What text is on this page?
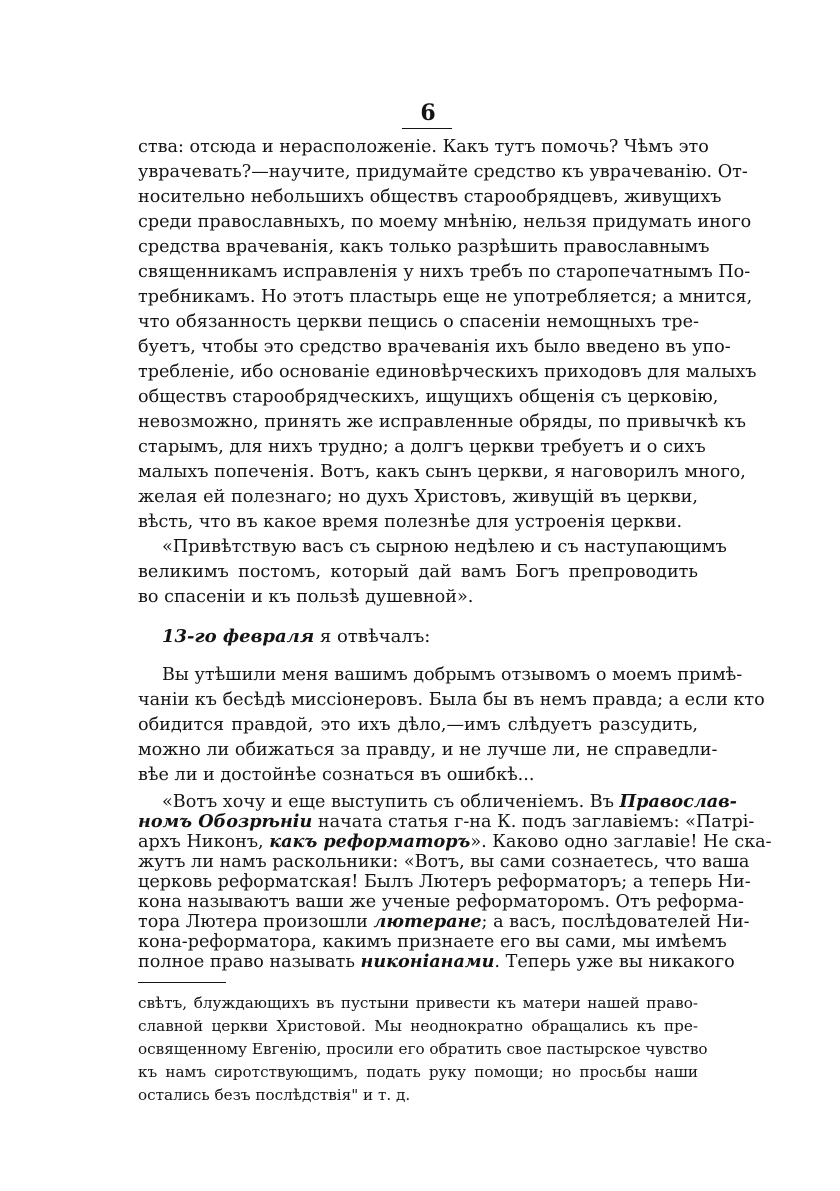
6
ства: отсюда и нерасположеніе. Какъ тутъ помочь? Чѣмъ это
уврачевать?—научите, придумайте средство къ уврачеванію. От-
носительно небольшихъ обществъ старообрядцевъ, живущихъ
среди православныхъ, по моему мнѣнію, нельзя придумать иного
средства врачеванія, какъ только разрѣшить православнымъ
священникамъ исправленія у нихъ требъ по старопечатнымъ По-
требникамъ. Но этотъ пластырь еще не употребляется; а мнится,
что обязанность церкви пещись о спасеніи немощныхъ тре-
буетъ, чтобы это средство врачеванія ихъ было введено въ упо-
требленіе, ибо основаніе единовѣрческихъ приходовъ для малыхъ
обществъ старообрядческихъ, ищущихъ общенія съ церковію,
невозможно, принять же исправленные обряды, по привычкѣ къ
старымъ, для нихъ трудно; а долгъ церкви требуетъ и о сихъ
малыхъ попеченія. Вотъ, какъ сынъ церкви, я наговорилъ много,
желая ей полезнаго; но духъ Христовъ, живущій въ церкви,
вѣсть, что въ какое время полезнѣе для устроенія церкви.
«Привѣтствую васъ съ сырною недѣлею и съ наступающимъ
великимъ постомъ, который дай вамъ Богъ препроводить
во спасеніи и къ пользѣ душевной».
13-го февраля я отвѣчалъ:
Вы утѣшили меня вашимъ добрымъ отзывомъ о моемъ примѣ-
чаніи къ бесѣдѣ миссіонеровъ. Была бы въ немъ правда; а если кто
обидится правдой, это ихъ дѣло,—имъ слѣдуетъ разсудить,
можно ли обижаться за правду, и не лучше ли, не справедли-
вѣе ли и достойнѣе сознаться въ ошибкѣ...
«Вотъ хочу и еще выступить съ обличеніемъ. Въ Православ-
номъ Обозрѣніи начата статья г-на К. подъ заглавіемъ: «Патрі-
архъ Никонъ, какъ реформаторъ». Каково одно заглавіе! Не ска-
жутъ ли намъ раскольники: «Вотъ, вы сами сознаетесь, что ваша
церковь реформатская! Былъ Лютеръ реформаторъ; а теперь Ни-
кона называютъ ваши же ученые реформаторомъ. Отъ реформа-
тора Лютера произошли лютеране; а васъ, послѣдователей Ни-
кона-реформатора, какимъ признаете его вы сами, мы имѣемъ
полное право называть никоніанами. Теперь уже вы никакого
свѣтъ, блуждающихъ въ пустыни привести къ матери нашей право-
славной церкви Христовой. Мы неоднократно обращались къ пре-
освященному Евгенію, просили его обратить свое пастырское чувство
къ намъ сиротствующимъ, подать руку помощи; но просьбы наши
остались безъ послѣдствія" и т. д.
